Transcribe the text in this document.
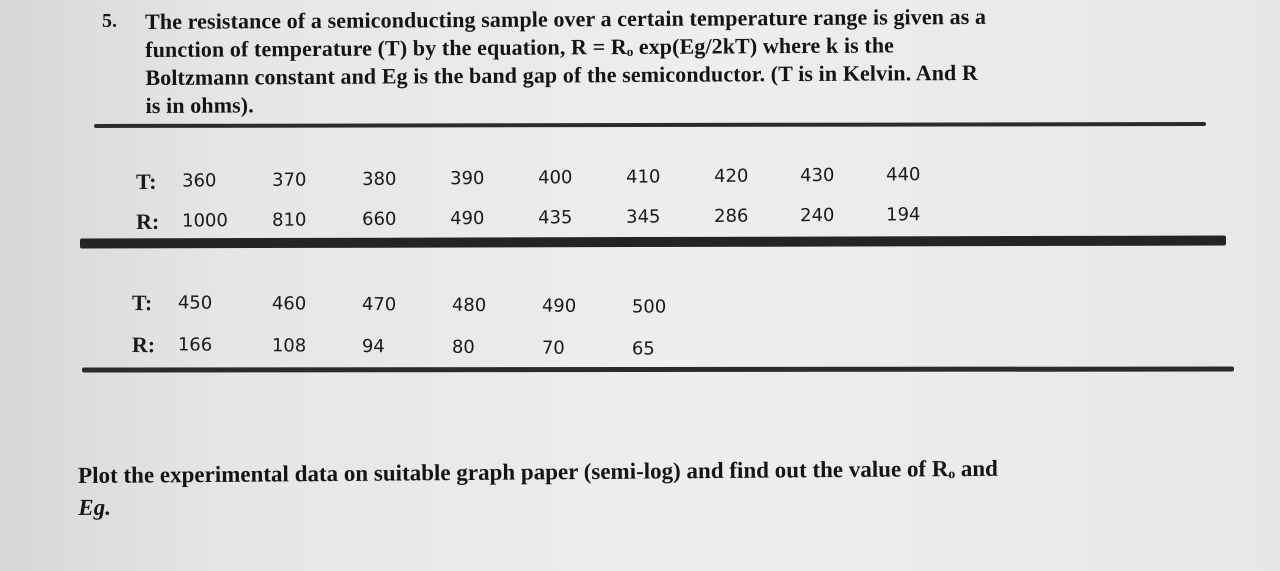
5. The resistance of a semiconducting sample over a certain temperature range is given as a
function of temperature (T) by the equation, R = Rₒ exp(Eg/2kT) where k is the
Boltzmann constant and Eg is the band gap of the semiconductor. (T is in Kelvin. And R
is in ohms).
T: 360	370	380	390	400	410	420	430	440
R: 1000 810	660	490	435	345	286	240	194
T: 450	460	470	480	490	500
R: 166	108	94	80	70	65
Plot the experimental data on suitable graph paper (semi-log) and find out the value of Rₒ and
Eg.
